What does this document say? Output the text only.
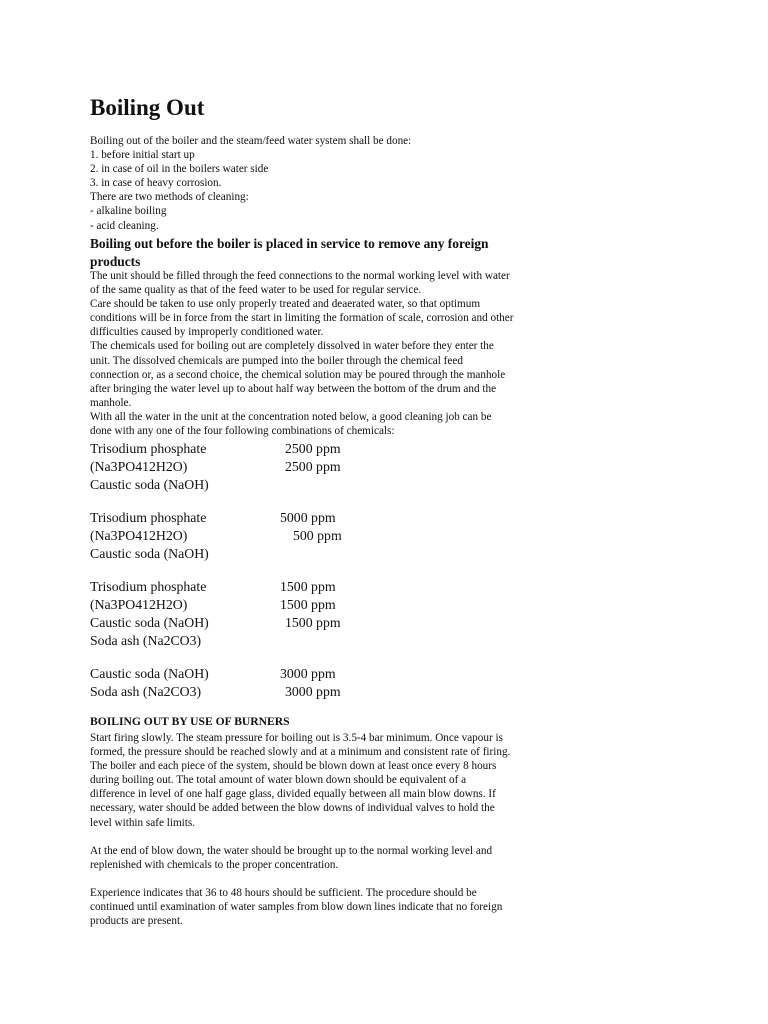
Boiling Out
Boiling out of the boiler and the steam/feed water system shall be done:
1. before initial start up
2. in case of oil in the boilers water side
3. in case of heavy corrosion.
There are two methods of cleaning:
- alkaline boiling
- acid cleaning.
Boiling out before the boiler is placed in service to remove any foreign
products
The unit should be filled through the feed connections to the normal working level with water
of the same quality as that of the feed water to be used for regular service.
Care should be taken to use only properly treated and deaerated water, so that optimum
conditions will be in force from the start in limiting the formation of scale, corrosion and other
difficulties caused by improperly conditioned water.
The chemicals used for boiling out are completely dissolved in water before they enter the
unit. The dissolved chemicals are pumped into the boiler through the chemical feed
connection or, as a second choice, the chemical solution may be poured through the manhole
after bringing the water level up to about half way between the bottom of the drum and the
manhole.
With all the water in the unit at the concentration noted below, a good cleaning job can be
done with any one of the four following combinations of chemicals:
Trisodium phosphate	2500 ppm
(Na3PO412H2O)	2500 ppm
Caustic soda (NaOH)
Trisodium phosphate	5000 ppm
(Na3PO412H2O)	500 ppm
Caustic soda (NaOH)
Trisodium phosphate	1500 ppm
(Na3PO412H2O)	1500 ppm
Caustic soda (NaOH)	1500 ppm
Soda ash (Na2CO3)
Caustic soda (NaOH)	3000 ppm
Soda ash (Na2CO3)	3000 ppm
BOILING OUT BY USE OF BURNERS
Start firing slowly. The steam pressure for boiling out is 3.5-4 bar minimum. Once vapour is
formed, the pressure should be reached slowly and at a minimum and consistent rate of firing.
The boiler and each piece of the system, should be blown down at least once every 8 hours
during boiling out. The total amount of water blown down should be equivalent of a
difference in level of one half gage glass, divided equally between all main blow downs. If
necessary, water should be added between the blow downs of individual valves to hold the
level within safe limits.
At the end of blow down, the water should be brought up to the normal working level and
replenished with chemicals to the proper concentration.
Experience indicates that 36 to 48 hours should be sufficient. The procedure should be
continued until examination of water samples from blow down lines indicate that no foreign
products are present.
